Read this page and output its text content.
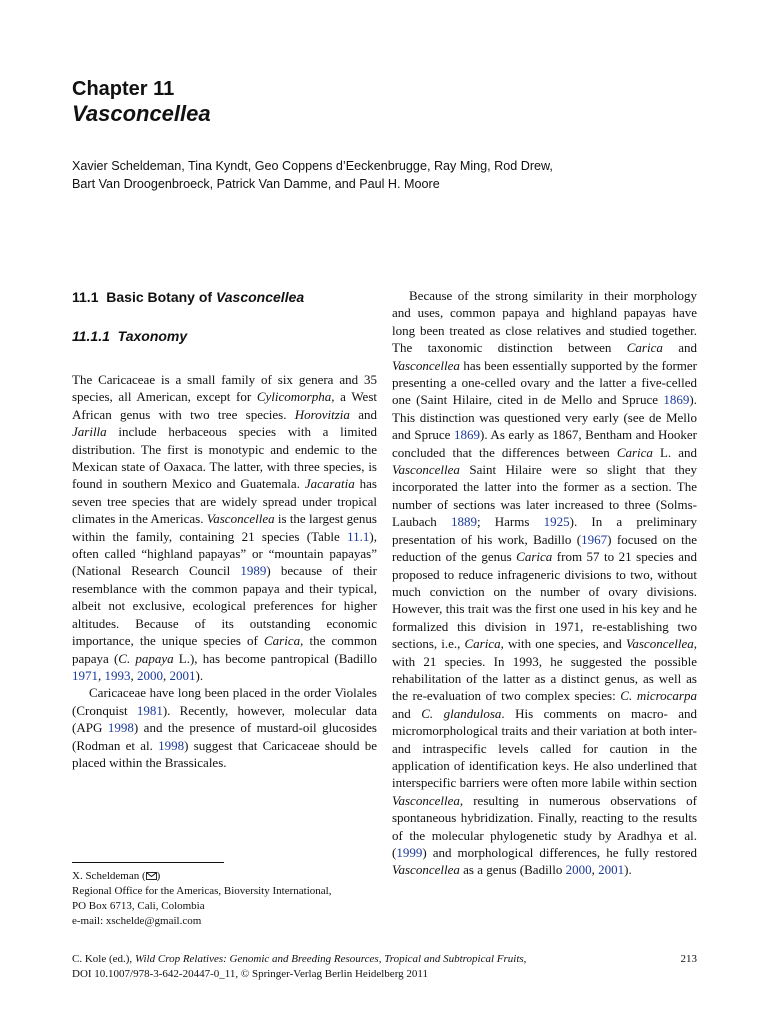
Chapter 11
Vasconcellea
Xavier Scheldeman, Tina Kyndt, Geo Coppens d’Eeckenbrugge, Ray Ming, Rod Drew,
Bart Van Droogenbroeck, Patrick Van Damme, and Paul H. Moore
11.1  Basic Botany of Vasconcellea
11.1.1  Taxonomy

The Caricaceae is a small family of six genera and 35 species, all American, except for Cylicomorpha, a West African genus with two tree species. Horovitzia and Jarilla include herbaceous species with a limited distribution. The first is monotypic and endemic to the Mexican state of Oaxaca. The latter, with three species, is found in southern Mexico and Guatemala. Jacaratia has seven tree species that are widely spread under tropical climates in the Americas. Vasconcellea is the largest genus within the family, containing 21 species (Table 11.1), often called “highland papayas” or “mountain papayas” (National Research Council 1989) because of their resemblance with the common papaya and their typical, albeit not exclusive, ecological preferences for higher altitudes. Because of its outstanding economic importance, the unique species of Carica, the common papaya (C. papaya L.), has become pantropical (Badillo 1971, 1993, 2000, 2001).

Caricaceae have long been placed in the order Violales (Cronquist 1981). Recently, however, molecular data (APG 1998) and the presence of mustard-oil glucosides (Rodman et al. 1998) suggest that Caricaceae should be placed within the Brassicales.

Because of the strong similarity in their morphology and uses, common papaya and highland papayas have long been treated as close relatives and studied together. The taxonomic distinction between Carica and Vasconcellea has been essentially supported by the former presenting a one-celled ovary and the latter a five-celled one (Saint Hilaire, cited in de Mello and Spruce 1869). This distinction was questioned very early (see de Mello and Spruce 1869). As early as 1867, Bentham and Hooker concluded that the differences between Carica L. and Vasconcellea Saint Hilaire were so slight that they incorporated the latter into the former as a section. The number of sections was later increased to three (Solms-Laubach 1889; Harms 1925). In a preliminary presentation of his work, Badillo (1967) focused on the reduction of the genus Carica from 57 to 21 species and proposed to reduce infrageneric divisions to two, without much conviction on the number of ovary divisions. However, this trait was the first one used in his key and he formalized this division in 1971, re-establishing two sections, i.e., Carica, with one species, and Vasconcellea, with 21 species. In 1993, he suggested the possible rehabilitation of the latter as a distinct genus, as well as the re-evaluation of two complex species: C. microcarpa and C. glandulosa. His comments on macro- and micromorphological traits and their variation at both inter- and intraspecific levels called for caution in the application of identification keys. He also underlined that interspecific barriers were often more labile within section Vasconcellea, resulting in numerous observations of spontaneous hybridization. Finally, reacting to the results of the molecular phylogenetic study by Aradhya et al. (1999) and morphological differences, he fully restored Vasconcellea as a genus (Badillo 2000, 2001).

X. Scheldeman ( )
Regional Office for the Americas, Bioversity International,
PO Box 6713, Cali, Colombia
e-mail: xschelde@gmail.com
C. Kole (ed.), Wild Crop Relatives: Genomic and Breeding Resources, Tropical and Subtropical Fruits,
DOI 10.1007/978-3-642-20447-0_11, © Springer-Verlag Berlin Heidelberg 2011
213
